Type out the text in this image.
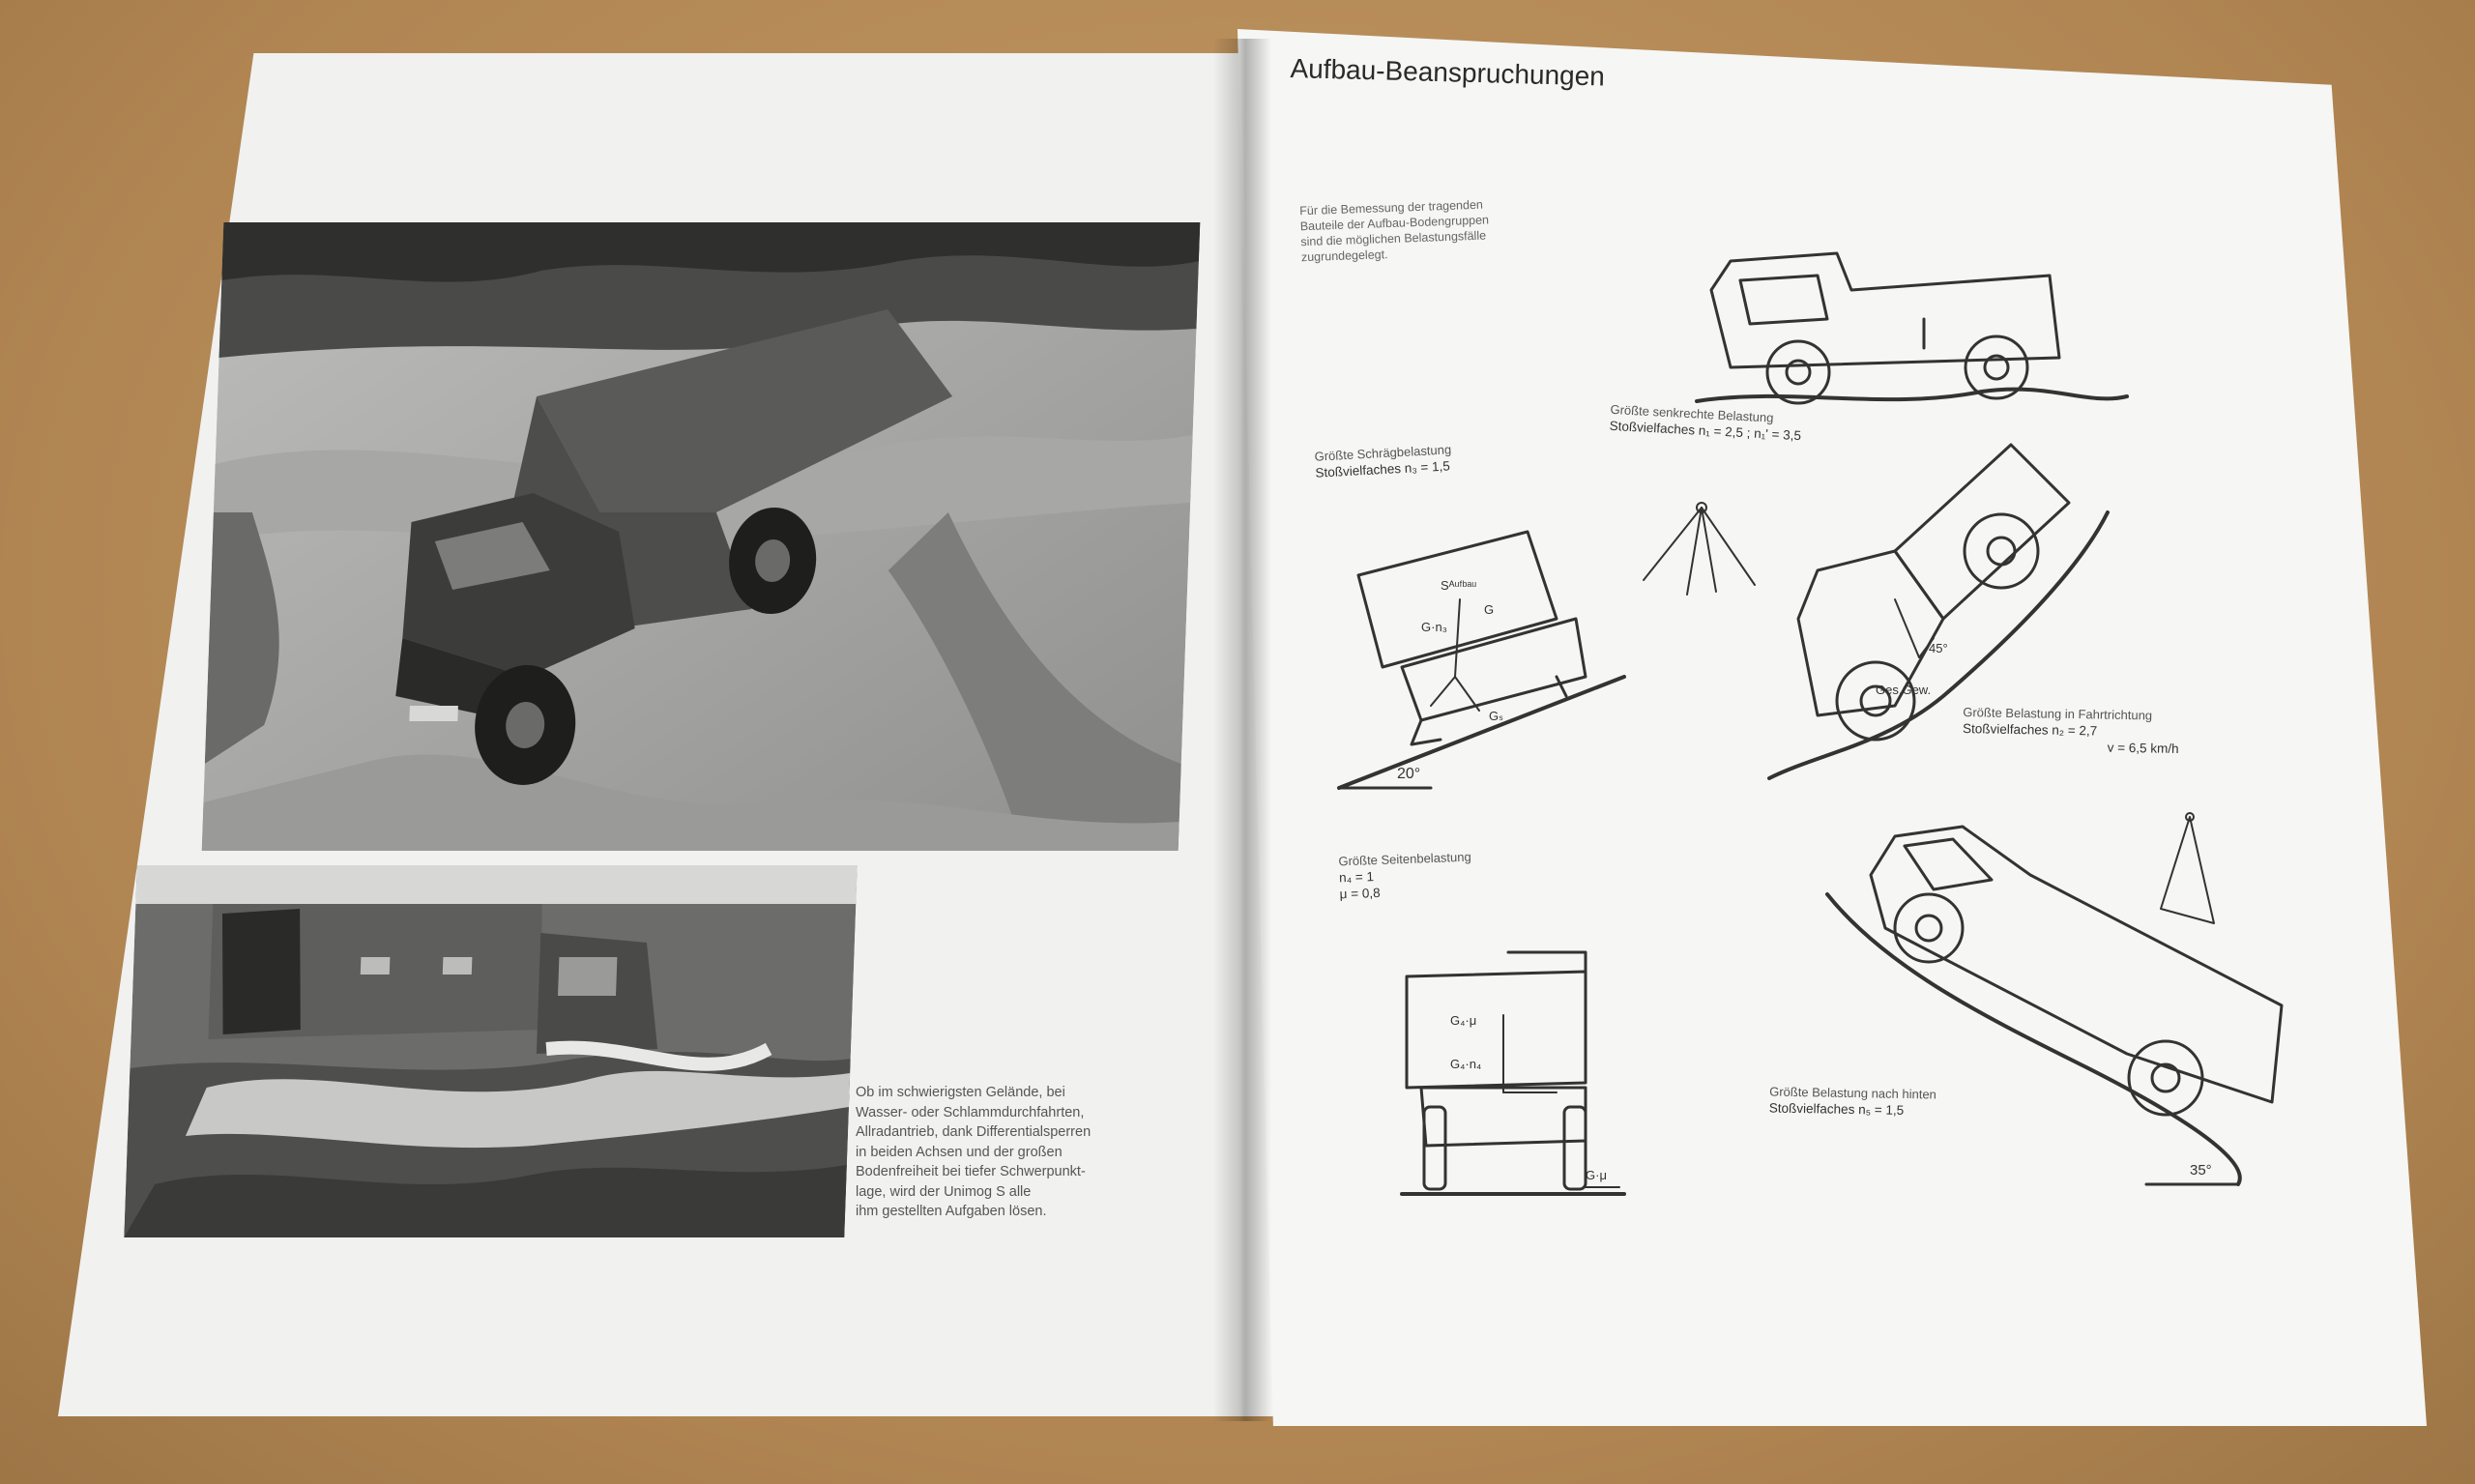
Ob im schwierigsten Gelände, bei
Wasser- oder Schlammdurchfahrten,
Allradantrieb, dank Differentialsperren
in beiden Achsen und der großen
Bodenfreiheit bei tiefer Schwerpunkt-
lage, wird der Unimog S alle
ihm gestellten Aufgaben lösen.
Aufbau-Beanspruchungen
Für die Bemessung der tragenden
Bauteile der Aufbau-Bodengruppen
sind die möglichen Belastungsfälle
zugrundegelegt.
Größte Schrägbelastung
Stoßvielfaches n₃ = 1,5
Größte senkrechte Belastung
Stoßvielfaches n₁ = 2,5 ; n₁' = 3,5
Größte Seitenbelastung
n₄ = 1
μ = 0,8
Größte Belastung in Fahrtrichtung
Stoßvielfaches n₂ = 2,7
v = 6,5 km/h
Größte Belastung nach hinten
Stoßvielfaches n₅ = 1,5
Sᴬᵘᶠᵇᵃᵘ
G·n₃
G
Gₛ
20°
G₄·μ
G₄·n₄
G·μ
Ges.Gew.
45°
35°
